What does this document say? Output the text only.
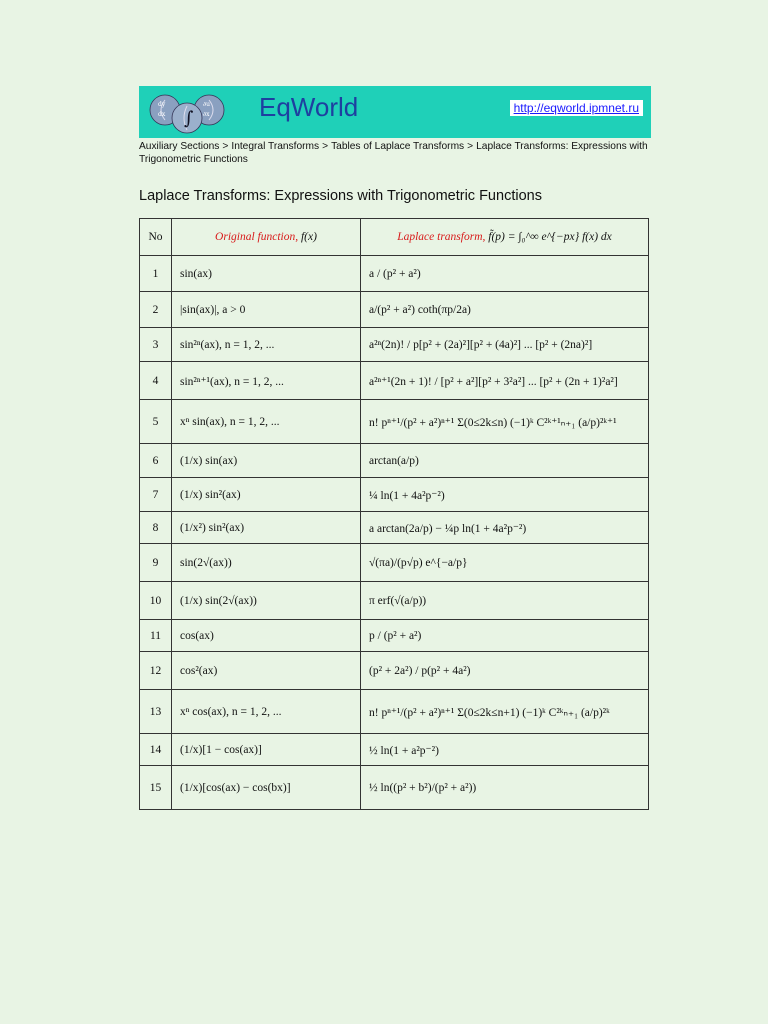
∫
dy
dx
∂u
∂x EqWorld	http://eqworld.ipmnet.ru
Auxiliary Sections > Integral Transforms > Tables of Laplace Transforms > Laplace Transforms: Expressions with Trigonometric Functions
Laplace Transforms: Expressions with Trigonometric Functions
No	Original function, f(x)	Laplace transform, f̃(p) = ∫₀^∞ e^{−px} f(x) dx
1	sin(ax)	a / (p² + a²)
2	|sin(ax)|, a > 0	a/(p² + a²) coth(πp/2a)
3	sin²ⁿ(ax), n = 1, 2, ...	a²ⁿ(2n)! / p[p² + (2a)²][p² + (4a)²] ... [p² + (2na)²]
4	sin²ⁿ⁺¹(ax), n = 1, 2, ...	a²ⁿ⁺¹(2n + 1)! / [p² + a²][p² + 3²a²] ... [p² + (2n + 1)²a²]
5	xⁿ sin(ax), n = 1, 2, ...	n! pⁿ⁺¹/(p² + a²)ⁿ⁺¹ Σ(0≤2k≤n) (−1)ᵏ C²ᵏ⁺¹ₙ₊₁ (a/p)²ᵏ⁺¹
6	(1/x) sin(ax)	arctan(a/p)
7	(1/x) sin²(ax)	¼ ln(1 + 4a²p⁻²)
8	(1/x²) sin²(ax)	a arctan(2a/p) − ¼p ln(1 + 4a²p⁻²)
9	sin(2√(ax))	√(πa)/(p√p) e^{−a/p}
10	(1/x) sin(2√(ax))	π erf(√(a/p))
11	cos(ax)	p / (p² + a²)
12	cos²(ax)	(p² + 2a²) / p(p² + 4a²)
13	xⁿ cos(ax), n = 1, 2, ...	n! pⁿ⁺¹/(p² + a²)ⁿ⁺¹ Σ(0≤2k≤n+1) (−1)ᵏ C²ᵏₙ₊₁ (a/p)²ᵏ
14	(1/x)[1 − cos(ax)]	½ ln(1 + a²p⁻²)
15	(1/x)[cos(ax) − cos(bx)]	½ ln((p² + b²)/(p² + a²))
